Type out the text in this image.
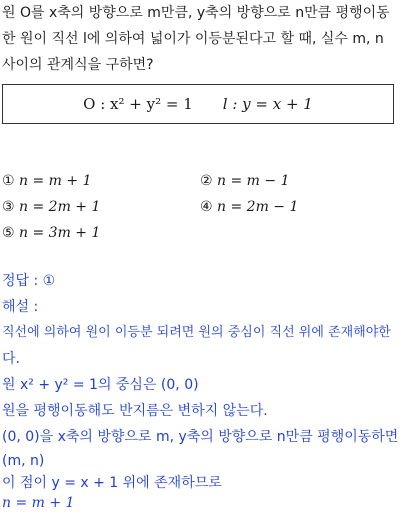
원 O를 x축의 방향으로 m만큼, y축의 방향으로 n만큼 평행이동
한 원이 직선 l에 의하여 넓이가 이등분된다고 할 때, 실수 m, n
사이의 관계식을 구하면?
O : x² + y² = 1 l : y = x + 1
① n = m + 1	② n = m − 1
③ n = 2m + 1	④ n = 2m − 1
⑤ n = 3m + 1
정답 : ①
해설 :
직선에 의하여 원이 이등분 되려면 원의 중심이 직선 위에 존재해야한
다.
원 x² + y² = 1의 중심은 (0, 0)
원을 평행이동해도 반지름은 변하지 않는다.
(0, 0)을 x축의 방향으로 m, y축의 방향으로 n만큼 평행이동하면
(m, n)
이 점이 y = x + 1 위에 존재하므로
n = m + 1
